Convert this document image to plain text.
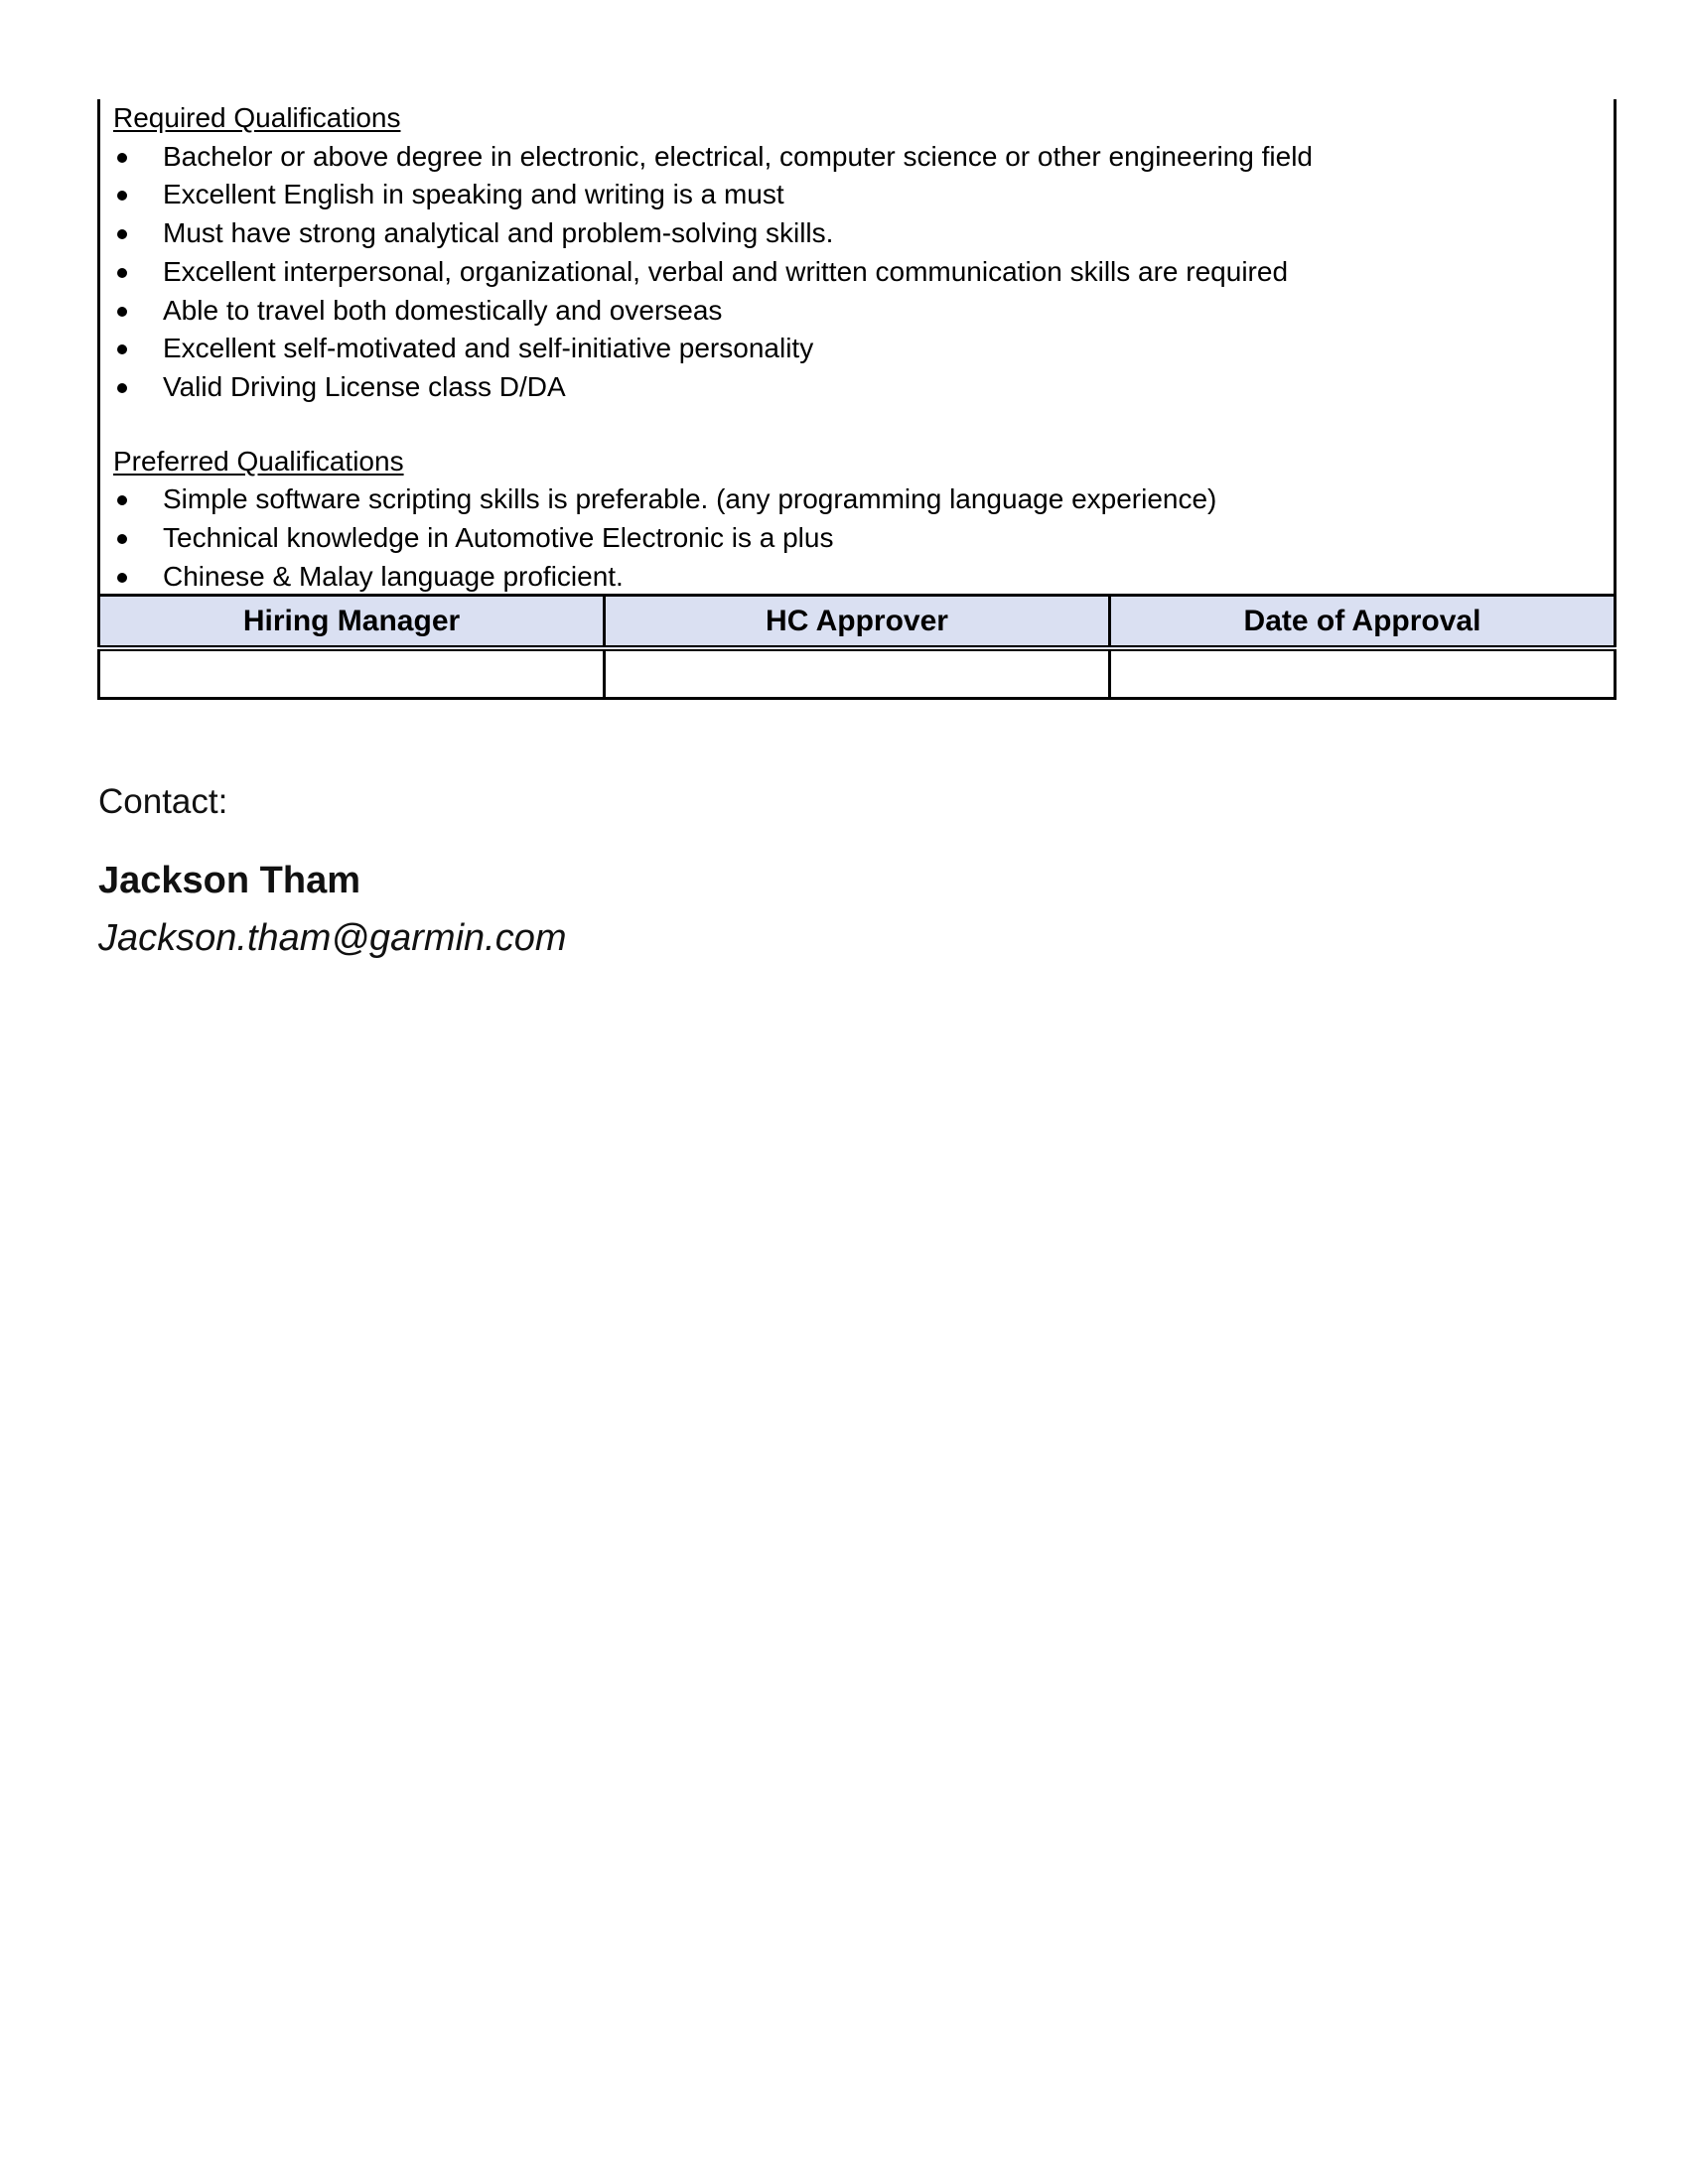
Required Qualifications
Bachelor or above degree in electronic, electrical, computer science or other engineering field
Excellent English in speaking and writing is a must
Must have strong analytical and problem-solving skills.
Excellent interpersonal, organizational, verbal and written communication skills are required
Able to travel both domestically and overseas
Excellent self-motivated and self-initiative personality
Valid Driving License class D/DA
Preferred Qualifications
Simple software scripting skills is preferable. (any programming language experience)
Technical knowledge in Automotive Electronic is a plus
Chinese & Malay language proficient.
Hiring Manager	HC Approver	Date of Approval

Contact:
Jackson Tham
Jackson.tham@garmin.com
